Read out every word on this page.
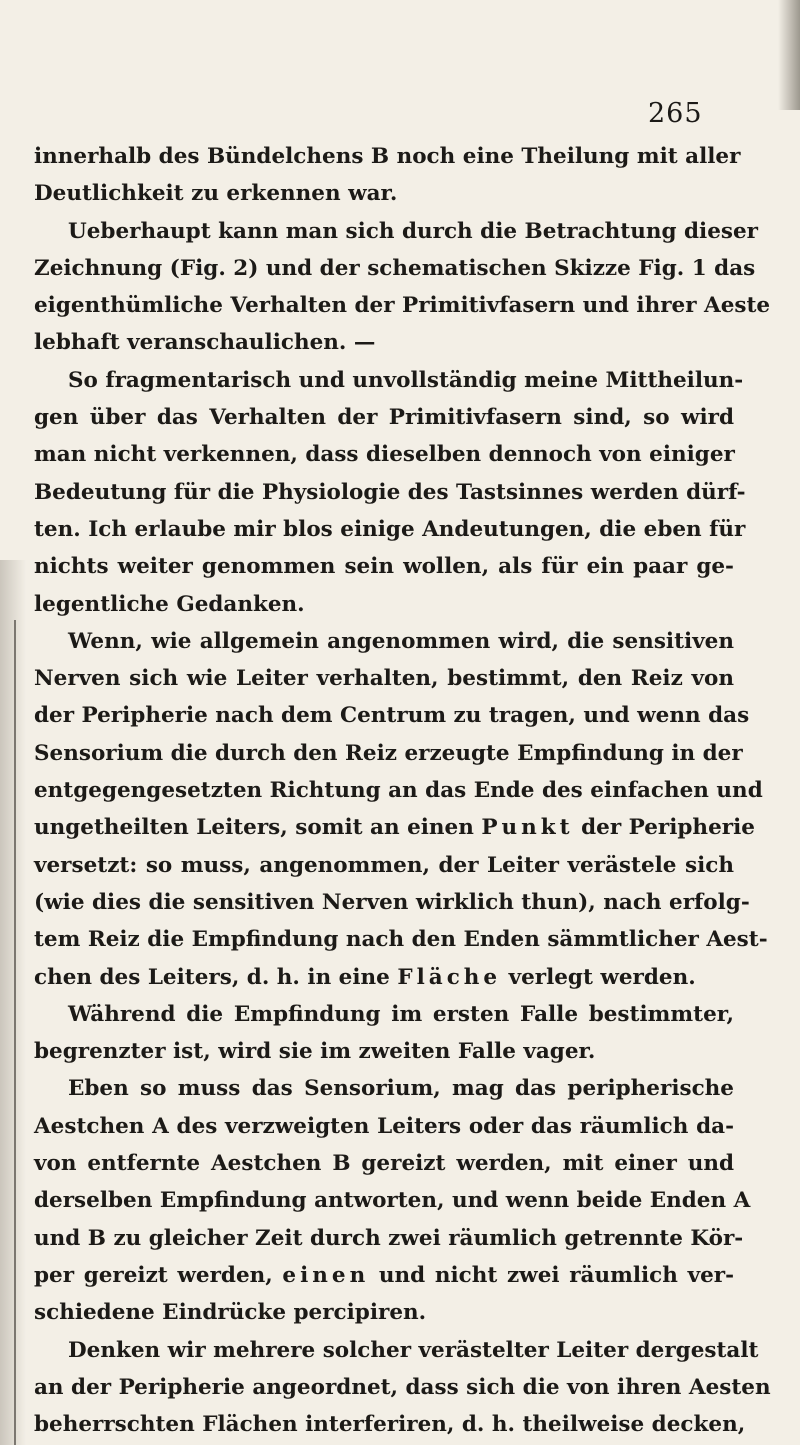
265
innerhalb des Bündelchens B noch eine Theilung mit aller
Deutlichkeit zu erkennen war.
Ueberhaupt kann man sich durch die Betrachtung dieser
Zeichnung (Fig. 2) und der schematischen Skizze Fig. 1 das
eigenthümliche Verhalten der Primitivfasern und ihrer Aeste
lebhaft veranschaulichen. —
So fragmentarisch und unvollständig meine Mittheilun-
gen über das Verhalten der Primitivfasern sind, so wird
man nicht verkennen, dass dieselben dennoch von einiger
Bedeutung für die Physiologie des Tastsinnes werden dürf-
ten. Ich erlaube mir blos einige Andeutungen, die eben für
nichts weiter genommen sein wollen, als für ein paar ge-
legentliche Gedanken.
Wenn, wie allgemein angenommen wird, die sensitiven
Nerven sich wie Leiter verhalten, bestimmt, den Reiz von
der Peripherie nach dem Centrum zu tragen, und wenn das
Sensorium die durch den Reiz erzeugte Empfindung in der
entgegengesetzten Richtung an das Ende des einfachen und
ungetheilten Leiters, somit an einen Punkt der Peripherie
versetzt: so muss, angenommen, der Leiter verästele sich
(wie dies die sensitiven Nerven wirklich thun), nach erfolg-
tem Reiz die Empfindung nach den Enden sämmtlicher Aest-
chen des Leiters, d. h. in eine Fläche verlegt werden.
Während die Empfindung im ersten Falle bestimmter,
begrenzter ist, wird sie im zweiten Falle vager.
Eben so muss das Sensorium, mag das peripherische
Aestchen A des verzweigten Leiters oder das räumlich da-
von entfernte Aestchen B gereizt werden, mit einer und
derselben Empfindung antworten, und wenn beide Enden A
und B zu gleicher Zeit durch zwei räumlich getrennte Kör-
per gereizt werden, einen und nicht zwei räumlich ver-
schiedene Eindrücke percipiren.
Denken wir mehrere solcher verästelter Leiter dergestalt
an der Peripherie angeordnet, dass sich die von ihren Aesten
beherrschten Flächen interferiren, d. h. theilweise decken,
